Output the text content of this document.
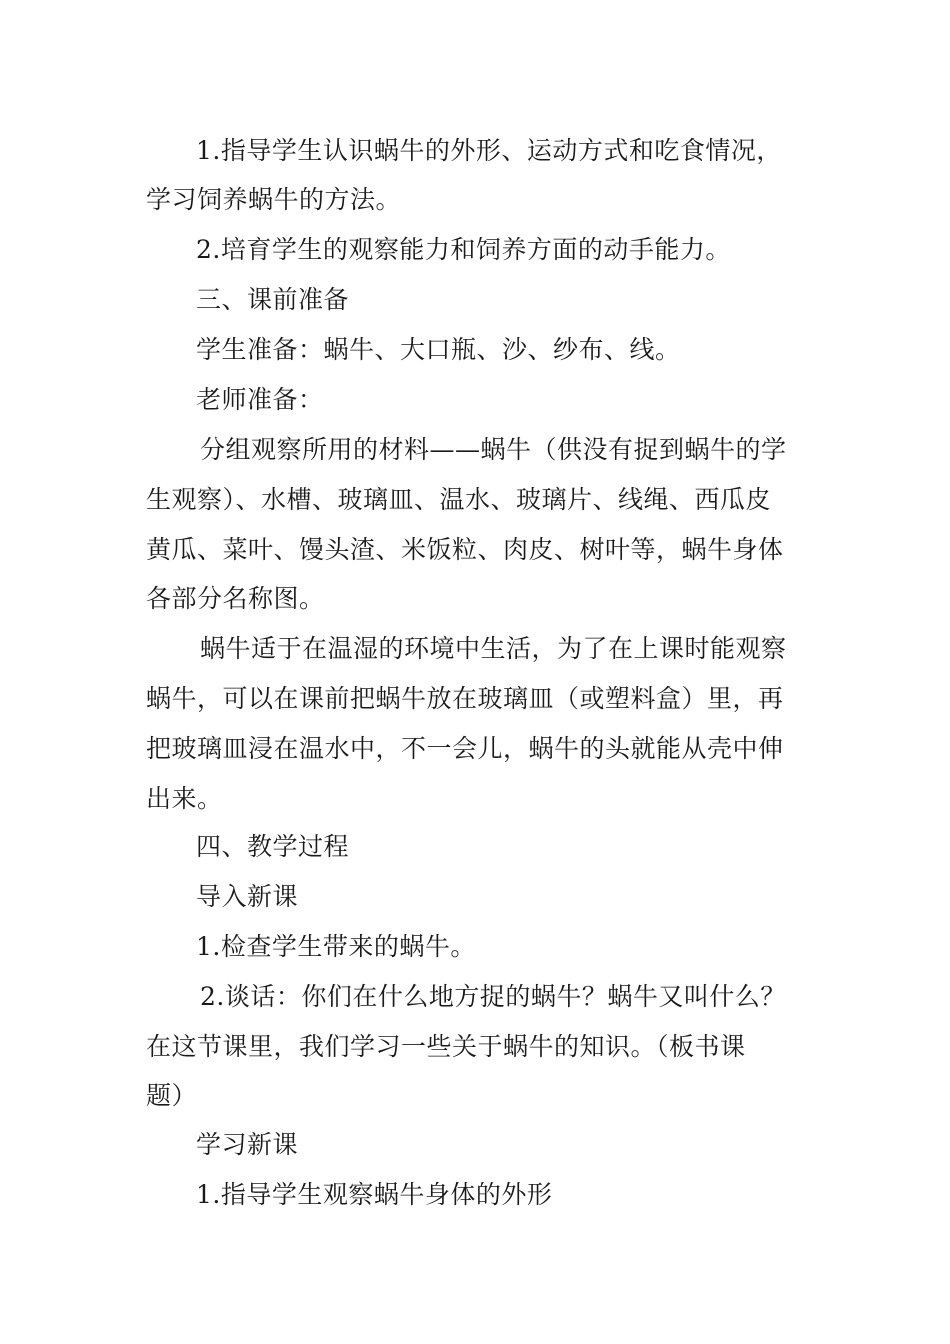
1.指导学生认识蜗牛的外形、运动方式和吃食情况，

学习饲养蜗牛的方法。

2.培育学生的观察能力和饲养方面的动手能力。

三、课前准备

学生准备：蜗牛、大口瓶、沙、纱布、线。

老师准备：

分组观察所用的材料——蜗牛（供没有捉到蜗牛的学

生观察）、水槽、玻璃皿、温水、玻璃片、线绳、西瓜皮

黄瓜、菜叶、馒头渣、米饭粒、肉皮、树叶等，蜗牛身体

各部分名称图。

蜗牛适于在温湿的环境中生活，为了在上课时能观察

蜗牛，可以在课前把蜗牛放在玻璃皿（或塑料盒）里，再

把玻璃皿浸在温水中，不一会儿，蜗牛的头就能从壳中伸

出来。

四、教学过程

导入新课

1.检查学生带来的蜗牛。

2.谈话：你们在什么地方捉的蜗牛？蜗牛又叫什么？

在这节课里，我们学习一些关于蜗牛的知识。（板书课

题）

学习新课

1.指导学生观察蜗牛身体的外形
